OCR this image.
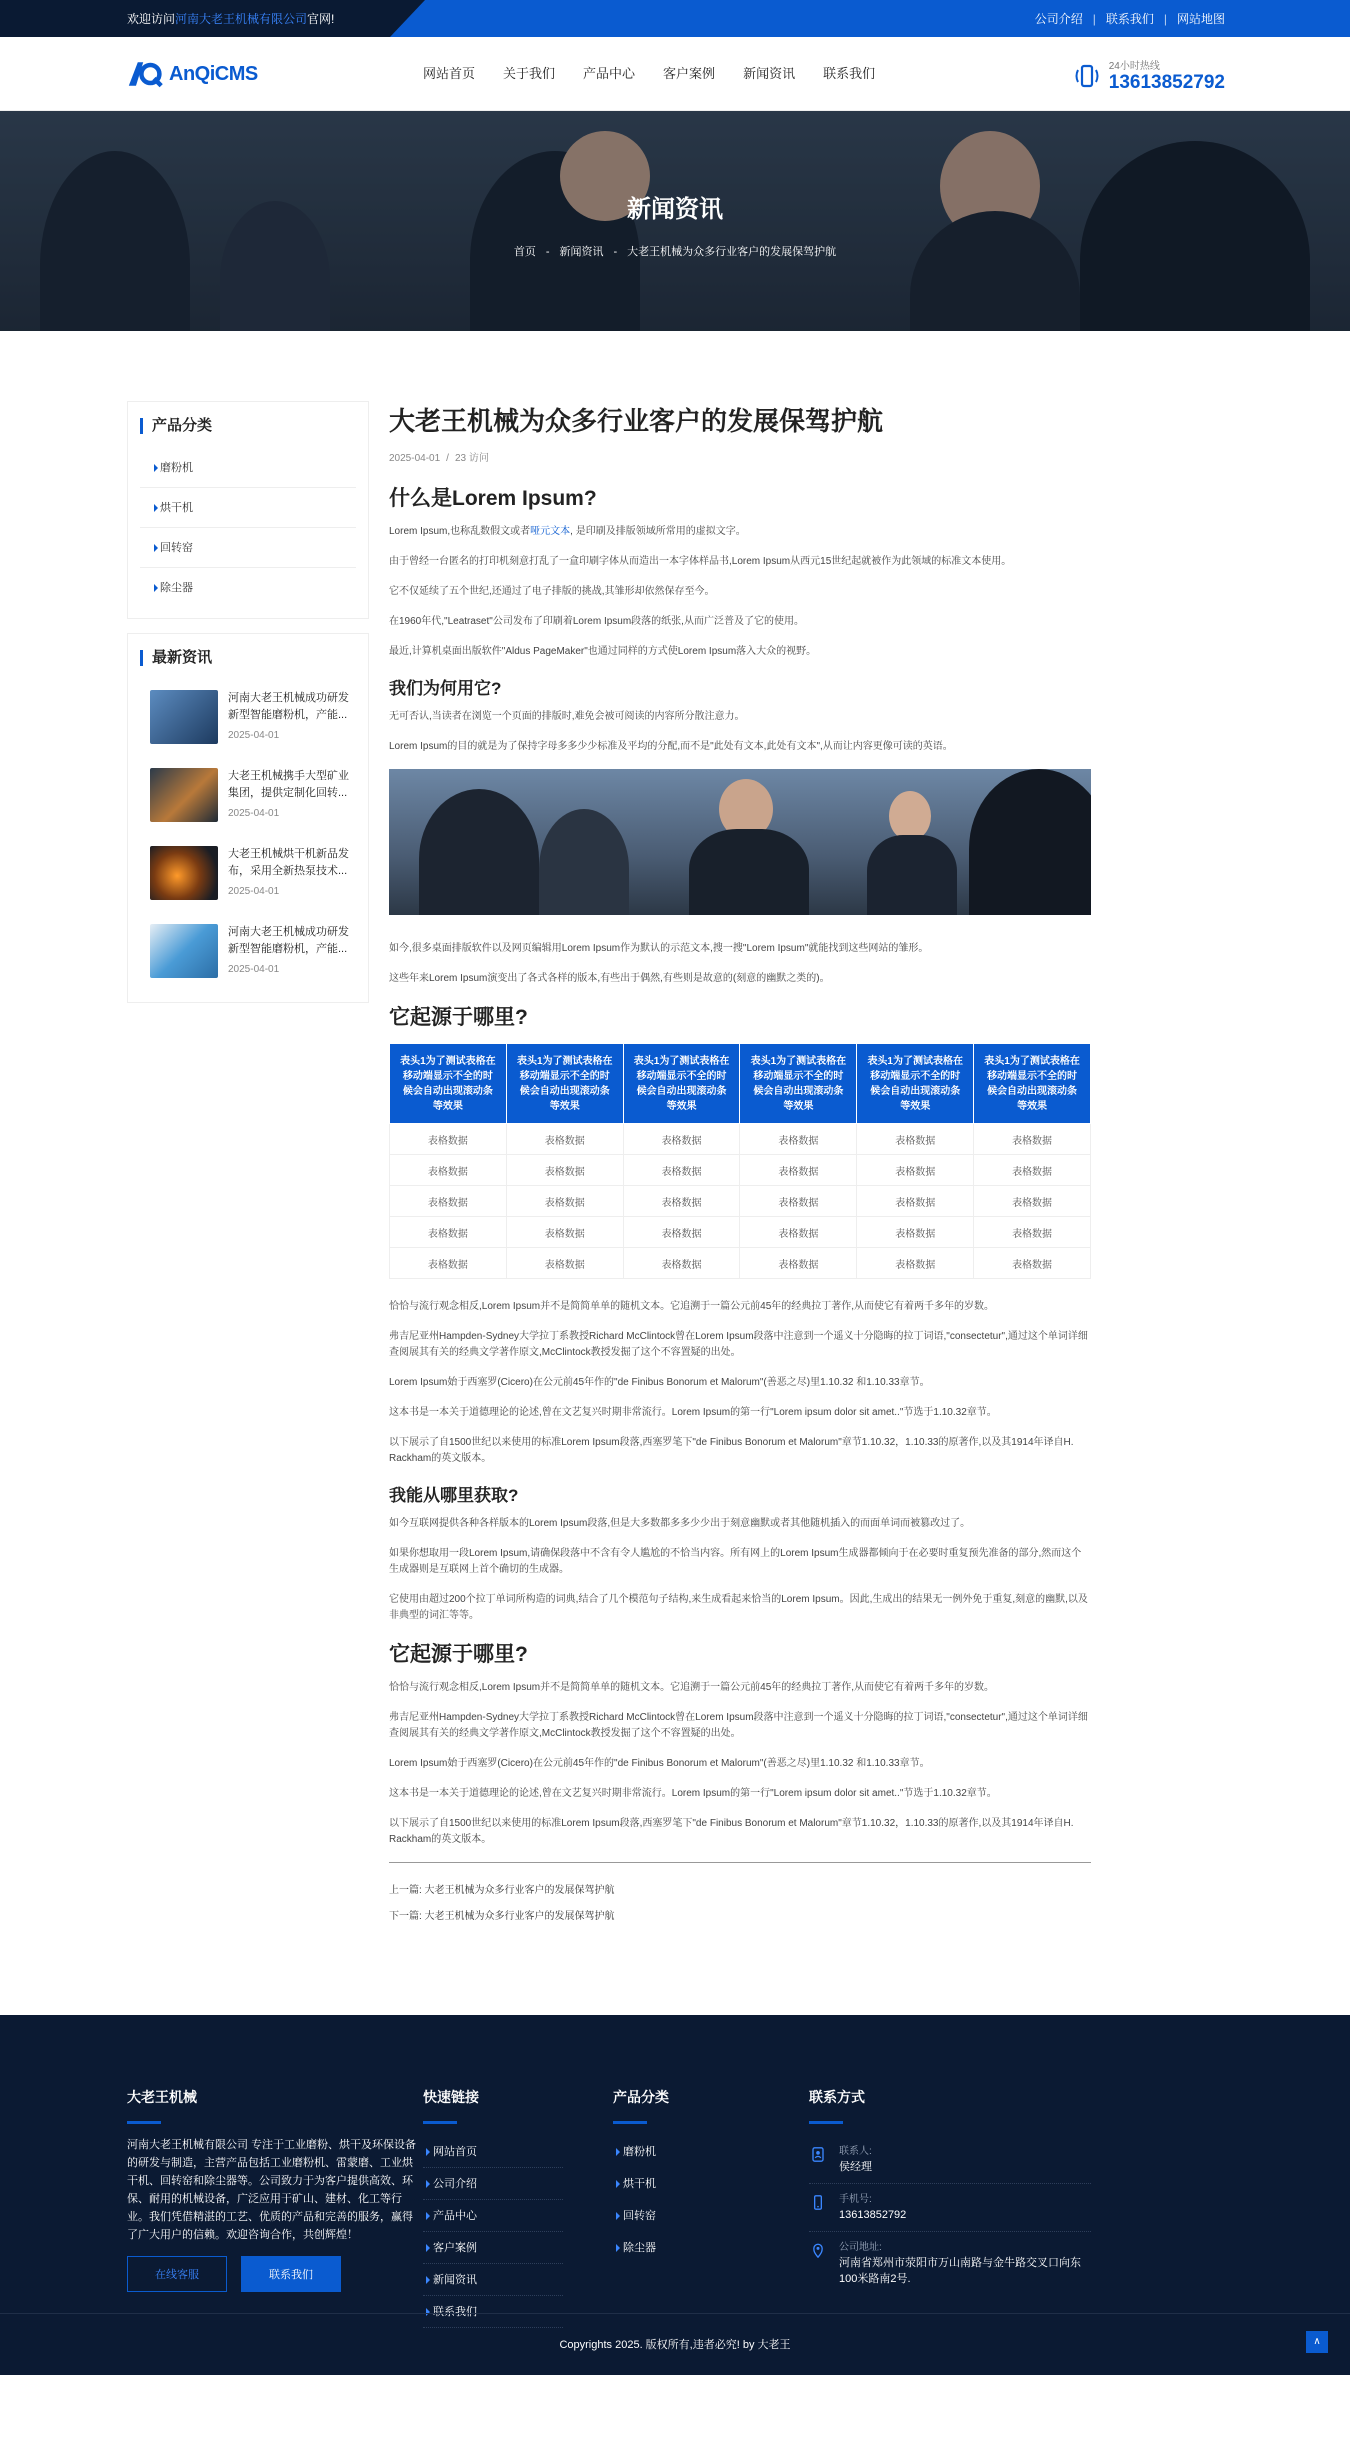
欢迎访问河南大老王机械有限公司官网!	公司介绍 | 联系我们 | 网站地图
AnQiCMS	网站首页	关于我们	产品中心	客户案例	新闻资讯	联系我们	24小时热线
13613852792
新闻资讯
首页 - 新闻资讯 - 大老王机械为众多行业客户的发展保驾护航
产品分类
磨粉机
烘干机
回转窑
除尘器
最新资讯
河南大老王机械成功研发新型智能磨粉机，产能...
2025-04-01
大老王机械携手大型矿业集团，提供定制化回转...
2025-04-01
大老王机械烘干机新品发布，采用全新热泵技术...
2025-04-01
河南大老王机械成功研发新型智能磨粉机，产能...
2025-04-01
大老王机械为众多行业客户的发展保驾护航
2025-04-01 / 23 访问
什么是Lorem Ipsum?

Lorem Ipsum,也称乱数假文或者哑元文本, 是印刷及排版领域所常用的虚拟文字。

由于曾经一台匿名的打印机刻意打乱了一盒印刷字体从而造出一本字体样品书,Lorem Ipsum从西元15世纪起就被作为此领域的标准文本使用。

它不仅延续了五个世纪,还通过了电子排版的挑战,其雏形却依然保存至今。

在1960年代,"Leatraset"公司发布了印刷着Lorem Ipsum段落的纸张,从而广泛普及了它的使用。

最近,计算机桌面出版软件"Aldus PageMaker"也通过同样的方式使Lorem Ipsum落入大众的视野。

我们为何用它?

无可否认,当读者在浏览一个页面的排版时,难免会被可阅读的内容所分散注意力。

Lorem Ipsum的目的就是为了保持字母多多少少标准及平均的分配,而不是"此处有文本,此处有文本",从而让内容更像可读的英语。

如今,很多桌面排版软件以及网页编辑用Lorem Ipsum作为默认的示范文本,搜一搜"Lorem Ipsum"就能找到这些网站的雏形。

这些年来Lorem Ipsum演变出了各式各样的版本,有些出于偶然,有些则是故意的(刻意的幽默之类的)。

它起源于哪里?
表头1为了测试表格在移动端显示不全的时候会自动出现滚动条等效果	表头1为了测试表格在移动端显示不全的时候会自动出现滚动条等效果	表头1为了测试表格在移动端显示不全的时候会自动出现滚动条等效果	表头1为了测试表格在移动端显示不全的时候会自动出现滚动条等效果	表头1为了测试表格在移动端显示不全的时候会自动出现滚动条等效果	表头1为了测试表格在移动端显示不全的时候会自动出现滚动条等效果
表格数据	表格数据	表格数据	表格数据	表格数据	表格数据
表格数据	表格数据	表格数据	表格数据	表格数据	表格数据
表格数据	表格数据	表格数据	表格数据	表格数据	表格数据
表格数据	表格数据	表格数据	表格数据	表格数据	表格数据
表格数据	表格数据	表格数据	表格数据	表格数据	表格数据

恰恰与流行观念相反,Lorem Ipsum并不是简简单单的随机文本。它追溯于一篇公元前45年的经典拉丁著作,从而使它有着两千多年的岁数。

弗吉尼亚州Hampden-Sydney大学拉丁系教授Richard McClintock曾在Lorem Ipsum段落中注意到一个遥义十分隐晦的拉丁词语,"consectetur",通过这个单词详细查阅展其有关的经典文学著作原文,McClintock教授发掘了这个不容置疑的出处。

Lorem Ipsum始于西塞罗(Cicero)在公元前45年作的"de Finibus Bonorum et Malorum"(善恶之尽)里1.10.32 和1.10.33章节。

这本书是一本关于道德理论的论述,曾在文艺复兴时期非常流行。Lorem Ipsum的第一行"Lorem ipsum dolor sit amet.."节选于1.10.32章节。

以下展示了自1500世纪以来使用的标准Lorem Ipsum段落,西塞罗笔下"de Finibus Bonorum et Malorum"章节1.10.32，1.10.33的原著作,以及其1914年译自H. Rackham的英文版本。

我能从哪里获取?

如今互联网提供各种各样版本的Lorem Ipsum段落,但是大多数都多多少少出于刻意幽默或者其他随机插入的而面单词而被篡改过了。

如果你想取用一段Lorem Ipsum,请确保段落中不含有令人尴尬的不恰当内容。所有网上的Lorem Ipsum生成器都倾向于在必要时重复预先准备的部分,然而这个生成器则是互联网上首个确切的生成器。

它使用由超过200个拉丁单词所构造的词典,结合了几个模范句子结构,来生成看起来恰当的Lorem Ipsum。因此,生成出的结果无一例外免于重复,刻意的幽默,以及非典型的词汇等等。

它起源于哪里?

恰恰与流行观念相反,Lorem Ipsum并不是简简单单的随机文本。它追溯于一篇公元前45年的经典拉丁著作,从而使它有着两千多年的岁数。

弗吉尼亚州Hampden-Sydney大学拉丁系教授Richard McClintock曾在Lorem Ipsum段落中注意到一个遥义十分隐晦的拉丁词语,"consectetur",通过这个单词详细查阅展其有关的经典文学著作原文,McClintock教授发掘了这个不容置疑的出处。

Lorem Ipsum始于西塞罗(Cicero)在公元前45年作的"de Finibus Bonorum et Malorum"(善恶之尽)里1.10.32 和1.10.33章节。

这本书是一本关于道德理论的论述,曾在文艺复兴时期非常流行。Lorem Ipsum的第一行"Lorem ipsum dolor sit amet.."节选于1.10.32章节。

以下展示了自1500世纪以来使用的标准Lorem Ipsum段落,西塞罗笔下"de Finibus Bonorum et Malorum"章节1.10.32，1.10.33的原著作,以及其1914年译自H. Rackham的英文版本。

上一篇: 大老王机械为众多行业客户的发展保驾护航

下一篇: 大老王机械为众多行业客户的发展保驾护航

大老王机械

河南大老王机械有限公司 专注于工业磨粉、烘干及环保设备的研发与制造，主营产品包括工业磨粉机、雷蒙磨、工业烘干机、回转窑和除尘器等。公司致力于为客户提供高效、环保、耐用的机械设备，广泛应用于矿山、建材、化工等行业。我们凭借精湛的工艺、优质的产品和完善的服务，赢得了广大用户的信赖。欢迎咨询合作，共创辉煌！

在线客服	联系我们
快速链接
网站首页
公司介绍
产品中心
客户案例
新闻资讯
联系我们
产品分类
磨粉机
烘干机
回转窑
除尘器
联系方式
联系人:
侯经理
手机号:
13613852792
公司地址:
河南省郑州市荥阳市万山南路与金牛路交叉口向东100米路南2号.
Copyrights 2025. 版权所有,违者必究! by 大老王	∧
